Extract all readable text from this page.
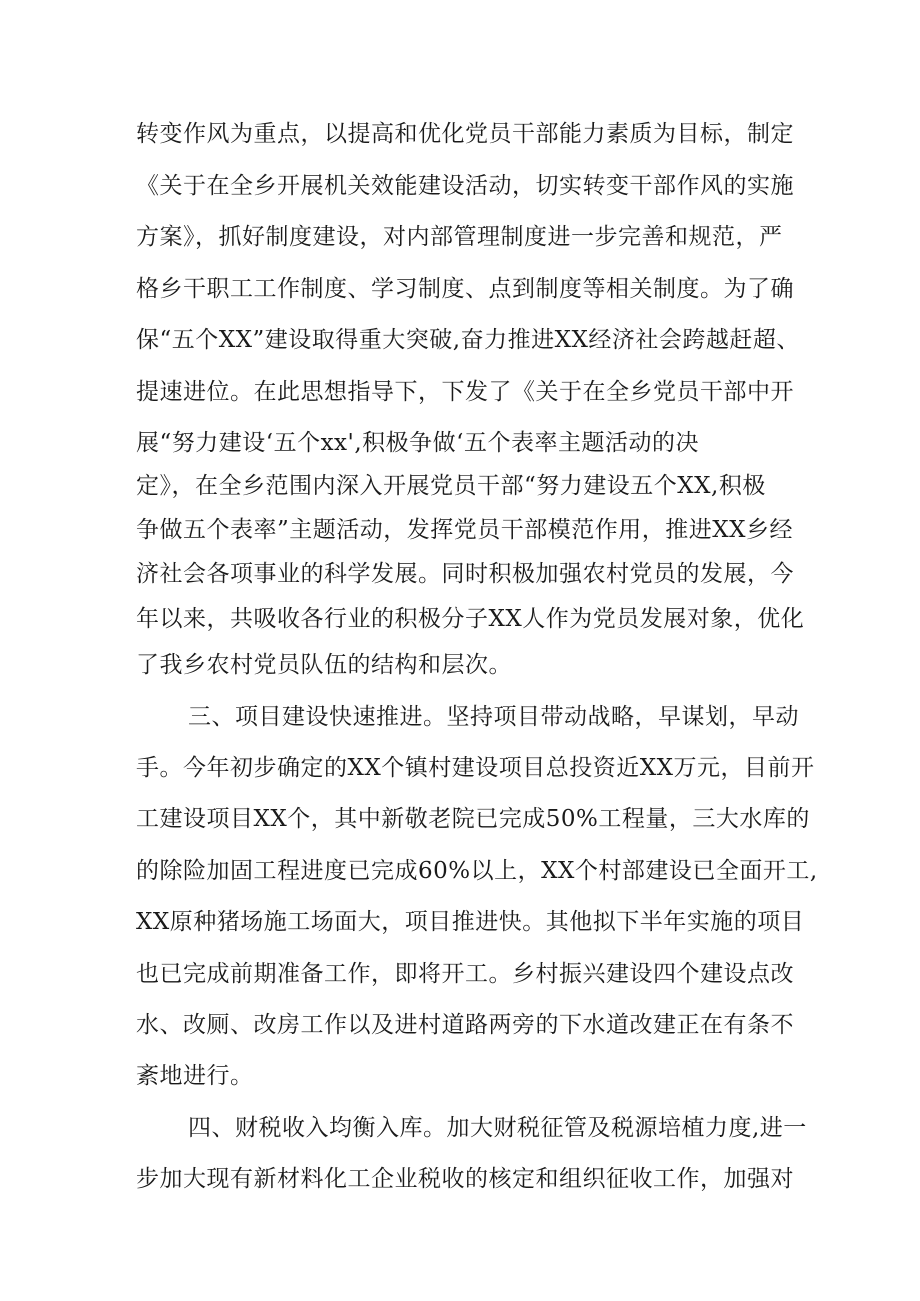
转变作风为重点，以提高和优化党员干部能力素质为目标，制定
《关于在全乡开展机关效能建设活动，切实转变干部作风的实施
方案》，抓好制度建设，对内部管理制度进一步完善和规范，严
格乡干职工工作制度、学习制度、点到制度等相关制度。为了确
保“五个XX”建设取得重大突破,奋力推进XX经济社会跨越赶超、
提速进位。在此思想指导下，下发了《关于在全乡党员干部中开
展“努力建设‘五个xx',积极争做‘五个表率主题活动的决
定》，在全乡范围内深入开展党员干部“努力建设五个XX,积极
争做五个表率”主题活动，发挥党员干部模范作用，推进XX乡经
济社会各项事业的科学发展。同时积极加强农村党员的发展，今
年以来，共吸收各行业的积极分子XX人作为党员发展对象，优化
了我乡农村党员队伍的结构和层次。
三、项目建设快速推进。坚持项目带动战略，早谋划，早动
手。今年初步确定的XX个镇村建设项目总投资近XX万元，目前开
工建设项目XX个，其中新敬老院已完成50%工程量，三大水库的
的除险加固工程进度已完成60%以上，XX个村部建设已全面开工,
XX原种猪场施工场面大，项目推进快。其他拟下半年实施的项目
也已完成前期准备工作，即将开工。乡村振兴建设四个建设点改
水、改厕、改房工作以及进村道路两旁的下水道改建正在有条不
紊地进行。
四、财税收入均衡入库。加大财税征管及税源培植力度,进一
步加大现有新材料化工企业税收的核定和组织征收工作，加强对
